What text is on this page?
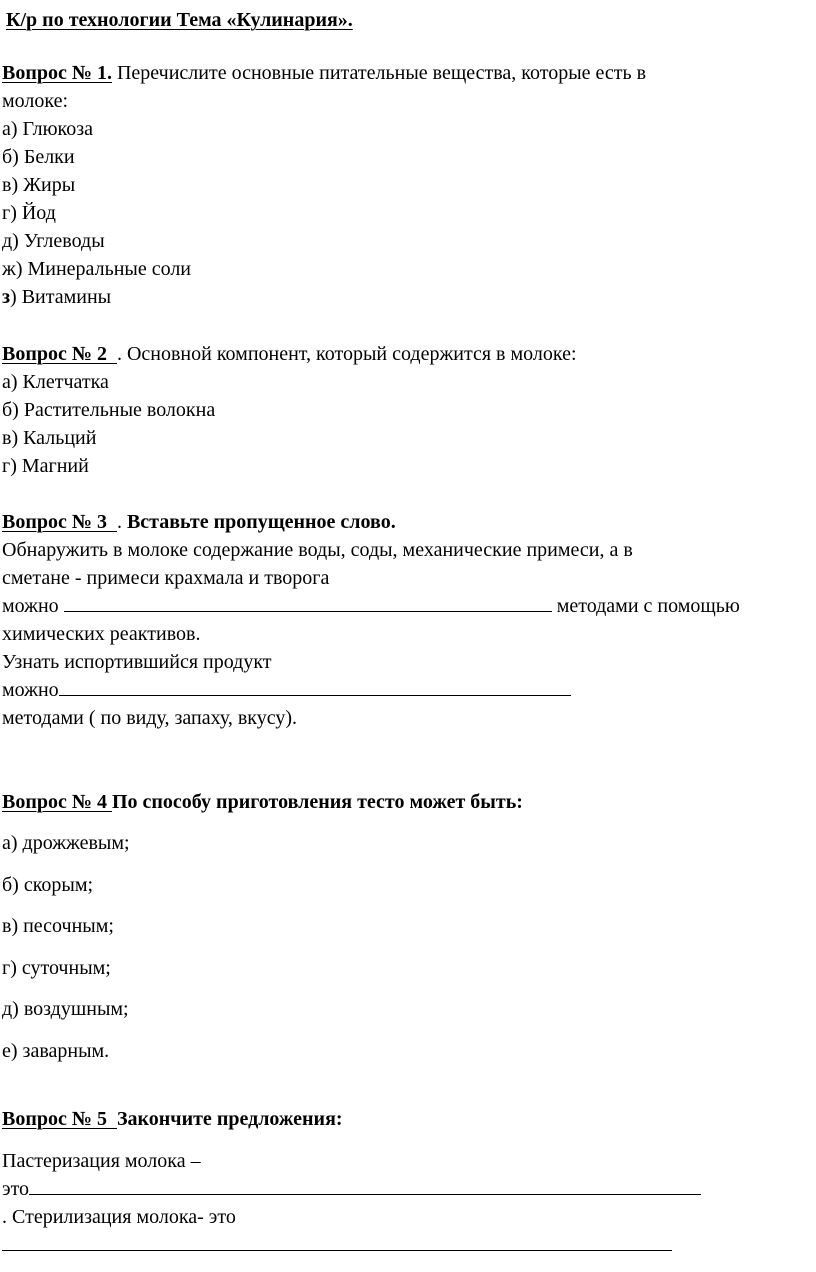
К/р по технологии Тема «Кулинария».
Вопрос № 1. Перечислите основные питательные вещества, которые есть в
молоке:
а) Глюкоза
б) Белки
в) Жиры
г) Йод
д) Углеводы
ж) Минеральные соли
з) Витамины
Вопрос № 2  . Основной компонент, который содержится в молоке:
а) Клетчатка
б) Растительные волокна
в) Кальций
г) Магний
Вопрос № 3  . Вставьте пропущенное слово.
Обнаружить в молоке содержание воды, соды, механические примеси, а в
сметане - примеси крахмала и творога
можно	методами с помощью
химических реактивов.
Узнать испортившийся продукт
можно
методами ( по виду, запаху, вкусу).
Вопрос № 4 По способу приготовления тесто может быть:
а) дрожжевым;
б) скорым;
в) песочным;
г) суточным;
д) воздушным;
е) заварным.
Вопрос № 5  Закончите предложения:
Пастеризация молока –
это
. Стерилизация молока- это
